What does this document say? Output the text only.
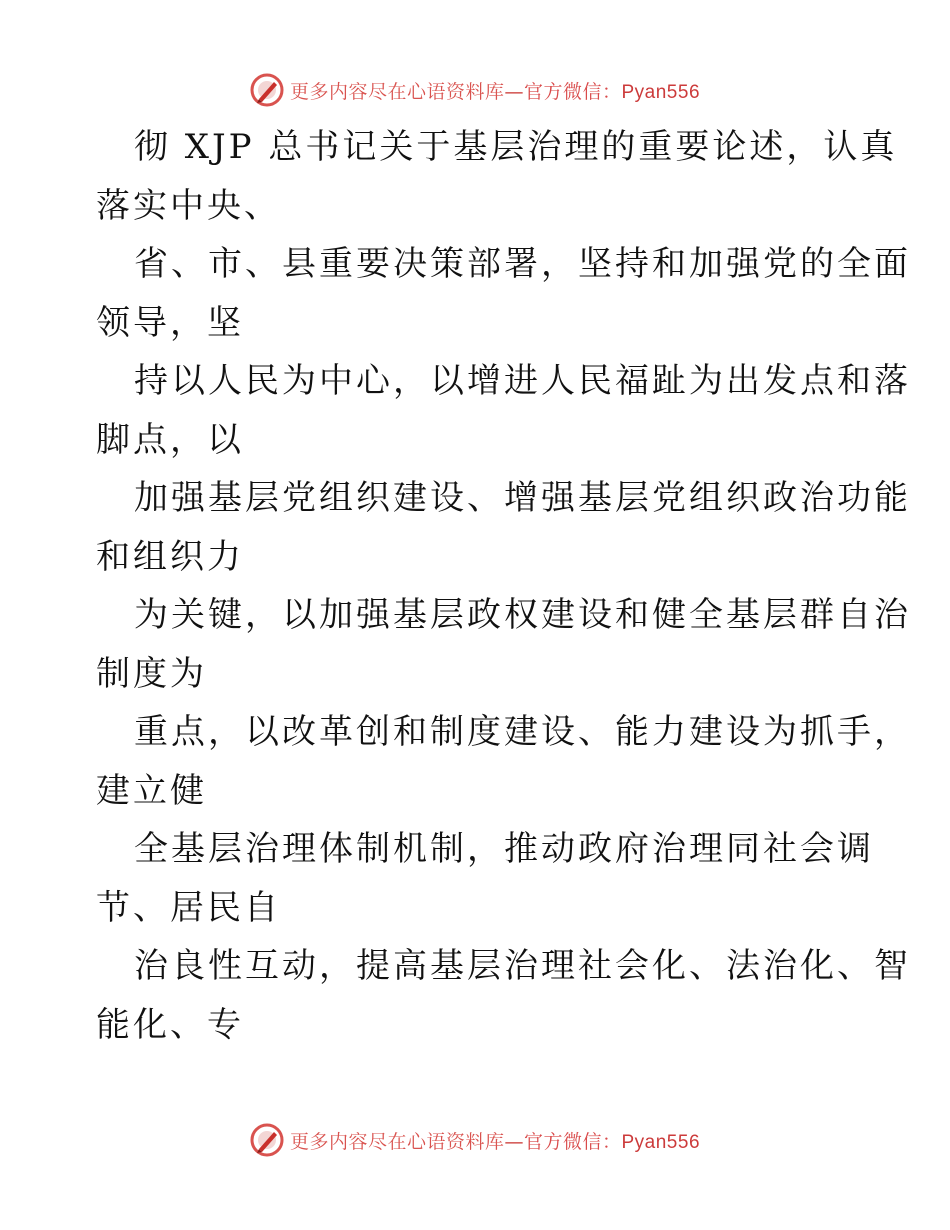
更多内容尽在心语资料库—官方微信：Pyan556
彻 XJP 总书记关于基层治理的重要论述，认真
落实中央、
省、市、县重要决策部署，坚持和加强党的全面
领导，坚
持以人民为中心，以增进人民福趾为出发点和落
脚点，以
加强基层党组织建设、增强基层党组织政治功能
和组织力
为关键，以加强基层政权建设和健全基层群自治
制度为
重点，以改革创和制度建设、能力建设为抓手，
建立健
全基层治理体制机制，推动政府治理同社会调
节、居民自
治良性互动，提高基层治理社会化、法治化、智
能化、专
更多内容尽在心语资料库—官方微信：Pyan556
